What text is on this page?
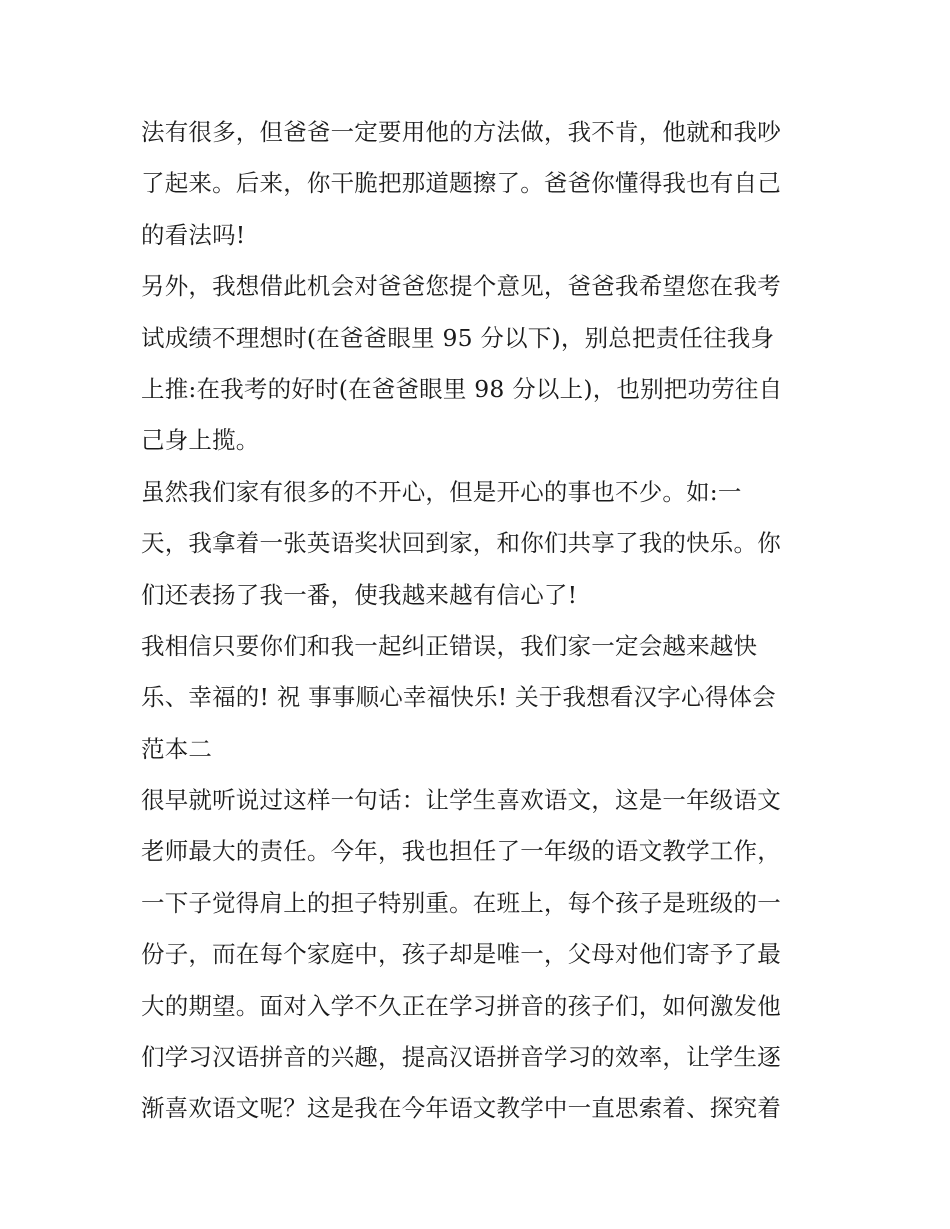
法有很多，但爸爸一定要用他的方法做，我不肯，他就和我吵
了起来。后来，你干脆把那道题擦了。爸爸你懂得我也有自己
的看法吗!
另外，我想借此机会对爸爸您提个意见，爸爸我希望您在我考
试成绩不理想时(在爸爸眼里 95 分以下)，别总把责任往我身
上推:在我考的好时(在爸爸眼里 98 分以上)，也别把功劳往自
己身上揽。
虽然我们家有很多的不开心，但是开心的事也不少。如:一
天，我拿着一张英语奖状回到家，和你们共享了我的快乐。你
们还表扬了我一番，使我越来越有信心了!
我相信只要你们和我一起纠正错误，我们家一定会越来越快
乐、幸福的! 祝 事事顺心幸福快乐! 关于我想看汉字心得体会
范本二
很早就听说过这样一句话：让学生喜欢语文，这是一年级语文
老师最大的责任。今年，我也担任了一年级的语文教学工作，
一下子觉得肩上的担子特别重。在班上，每个孩子是班级的一
份子，而在每个家庭中，孩子却是唯一，父母对他们寄予了最
大的期望。面对入学不久正在学习拼音的孩子们，如何激发他
们学习汉语拼音的兴趣，提高汉语拼音学习的效率，让学生逐
渐喜欢语文呢？这是我在今年语文教学中一直思索着、探究着
